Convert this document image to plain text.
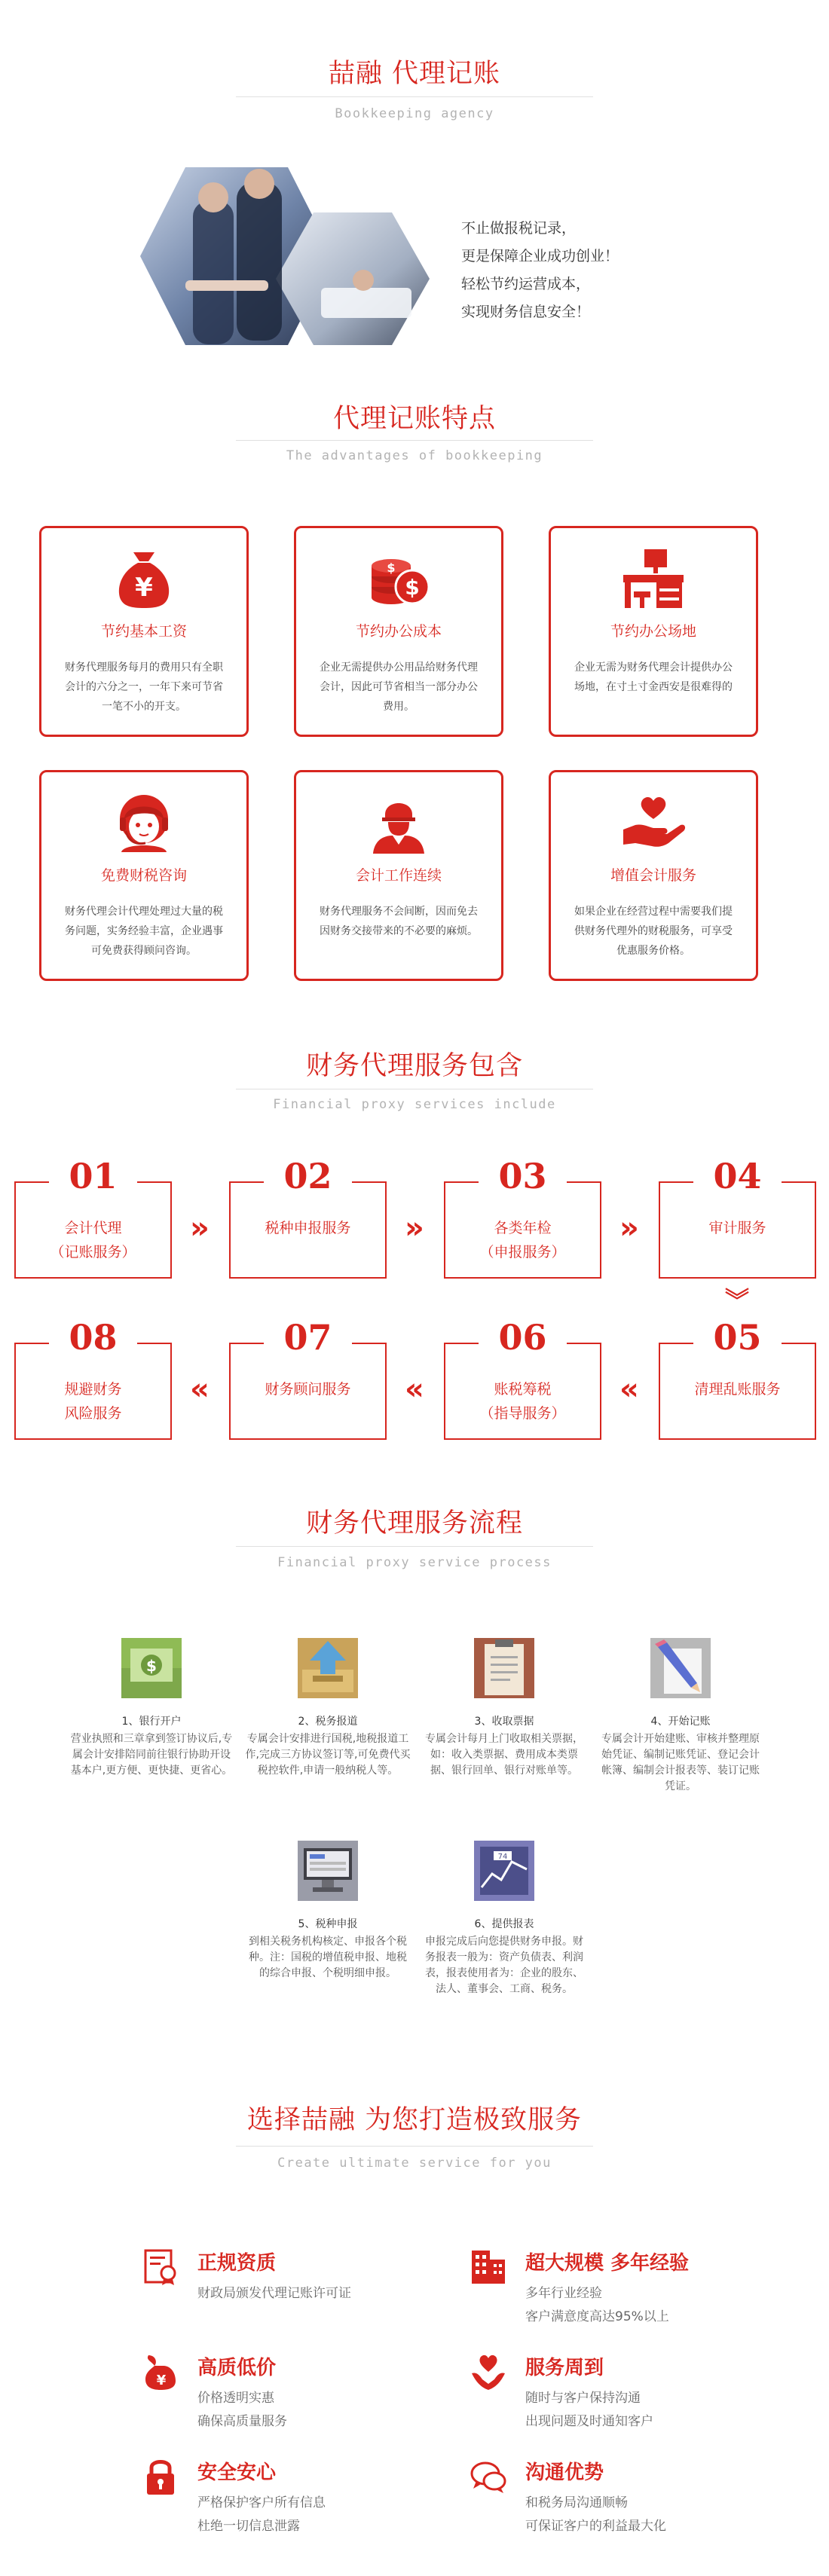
喆融 代理记账
Bookkeeping agency
不止做报税记录，
更是保障企业成功创业！
轻松节约运营成本，
实现财务信息安全！
代理记账特点
The advantages of bookkeeping
¥
节约基本工资
财务代理服务每月的费用只有全职会计的六分之一，一年下来可节省一笔不小的开支。
$
$
节约办公成本
企业无需提供办公用品给财务代理会计，因此可节省相当一部分办公费用。
节约办公场地
企业无需为财务代理会计提供办公场地，在寸土寸金西安是很难得的
免费财税咨询
财务代理会计代理处理过大量的税务问题，实务经验丰富，企业遇事可免费获得顾问咨询。
会计工作连续
财务代理服务不会间断，因而免去因财务交接带来的不必要的麻烦。
增值会计服务
如果企业在经营过程中需要我们提供财务代理外的财税服务，可享受优惠服务价格。
财务代理服务包含
Financial proxy services include
01
会计代理
（记账服务）
»
02
税种申报服务	»
03
各类年检
（申报服务）
»
04
审计服务
︾
08
规避财务
风险服务
«
07
财务顾问服务	«
06
账税筹税
（指导服务）
«
05
清理乱账服务
财务代理服务流程
Financial proxy service process
$
1、银行开户
营业执照和三章拿到签订协议后,专属会计安排陪同前往银行协助开设基本户,更方便、更快捷、更省心。
2、税务报道
专属会计安排进行国税,地税报道工作,完成三方协议签订等,可免费代买税控软件,申请一般纳税人等。
3、收取票据
专属会计每月上门收取相关票据，如：收入类票据、费用成本类票据、银行回单、银行对账单等。
4、开始记账
专属会计开始建账、审核并整理原始凭证、编制记账凭证、登记会计帐簿、编制会计报表等、装订记账凭证。
5、税种申报
到相关税务机构核定、申报各个税种。注：国税的增值税申报、地税的综合申报、个税明细申报。
74
6、提供报表
申报完成后向您提供财务申报。财务报表一般为：资产负债表、利润表，报表使用者为：企业的股东、法人、董事会、工商、税务。
选择喆融 为您打造极致服务
Create ultimate service for you
正规资质
财政局颁发代理记账许可证
超大规模 多年经验
多年行业经验
客户满意度高达95%以上
¥
高质低价
价格透明实惠
确保高质量服务
服务周到
随时与客户保持沟通
出现问题及时通知客户
安全安心
严格保护客户所有信息
杜绝一切信息泄露
沟通优势
和税务局沟通顺畅
可保证客户的利益最大化
